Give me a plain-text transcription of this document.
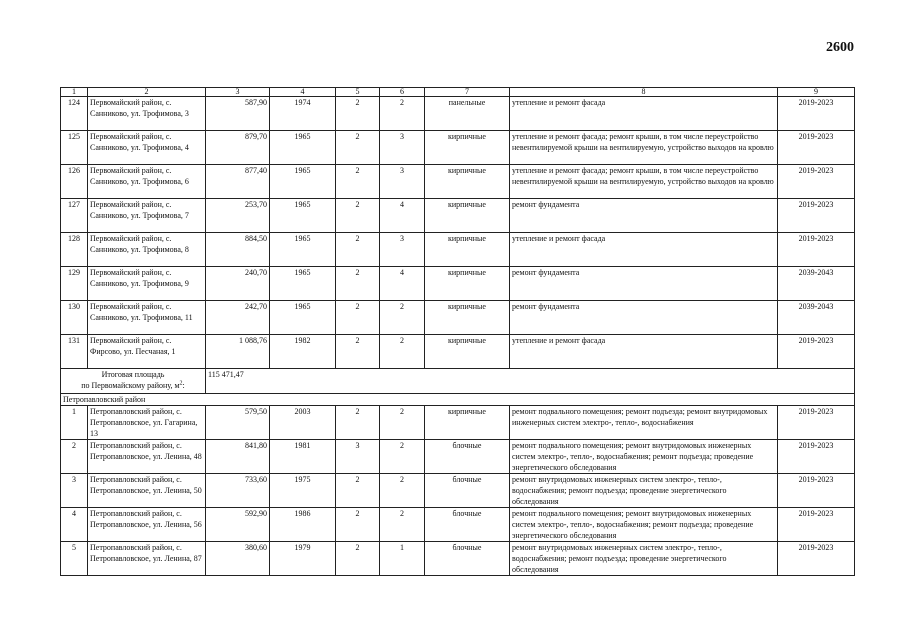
2600
1	2	3	4	5	6	7	8	9
124	Первомайский район, с. Санниково, ул. Трофимова, 3	587,90	1974	2	2	панельные	утепление и ремонт фасада	2019-2023
125	Первомайский район, с. Санниково, ул. Трофимова, 4	879,70	1965	2	3	кирпичные	утепление и ремонт фасада; ремонт крыши, в том числе переустройство невентилируемой крыши на вентилируемую, устройство выходов на кровлю	2019-2023
126	Первомайский район, с. Санниково, ул. Трофимова, 6	877,40	1965	2	3	кирпичные	утепление и ремонт фасада; ремонт крыши, в том числе переустройство невентилируемой крыши на вентилируемую, устройство выходов на кровлю	2019-2023
127	Первомайский район, с. Санниково, ул. Трофимова, 7	253,70	1965	2	4	кирпичные	ремонт фундамента	2019-2023
128	Первомайский район, с. Санниково, ул. Трофимова, 8	884,50	1965	2	3	кирпичные	утепление и ремонт фасада	2019-2023
129	Первомайский район, с. Санниково, ул. Трофимова, 9	240,70	1965	2	4	кирпичные	ремонт фундамента	2039-2043
130	Первомайский район, с. Санниково, ул. Трофимова, 11	242,70	1965	2	2	кирпичные	ремонт фундамента	2039-2043
131	Первомайский район, с. Фирсово, ул. Песчаная, 1	1 088,76	1982	2	2	кирпичные	утепление и ремонт фасада	2019-2023

Итоговая площадь
по Первомайскому району, $м^2$:		115 471,47						
Петропавловский район								
1	Петропавловский район, с. Петропавловское, ул. Гагарина, 13	579,50	2003	2	2	кирпичные	ремонт подвального помещения; ремонт подъезда; ремонт внутридомовых инженерных систем электро-, тепло-, водоснабжения	2019-2023
2	Петропавловский район, с. Петропавловское, ул. Ленина, 48	841,80	1981	3	2	блочные	ремонт подвального помещения; ремонт внутридомовых инженерных систем электро-, тепло-, водоснабжения; ремонт подъезда; проведение энергетического обследования	2019-2023
3	Петропавловский район, с. Петропавловское, ул. Ленина, 50	733,60	1975	2	2	блочные	ремонт внутридомовых инженерных систем электро-, тепло-, водоснабжения; ремонт подъезда; проведение энергетического обследования	2019-2023
4	Петропавловский район, с. Петропавловское, ул. Ленина, 56	592,90	1986	2	2	блочные	ремонт подвального помещения; ремонт внутридомовых инженерных систем электро-, тепло-, водоснабжения; ремонт подъезда; проведение энергетического обследования	2019-2023
5	Петропавловский район, с. Петропавловское, ул. Ленина, 87	380,60	1979	2	1	блочные	ремонт внутридомовых инженерных систем электро-, тепло-, водоснабжения; ремонт подъезда; проведение энергетического обследования	2019-2023
